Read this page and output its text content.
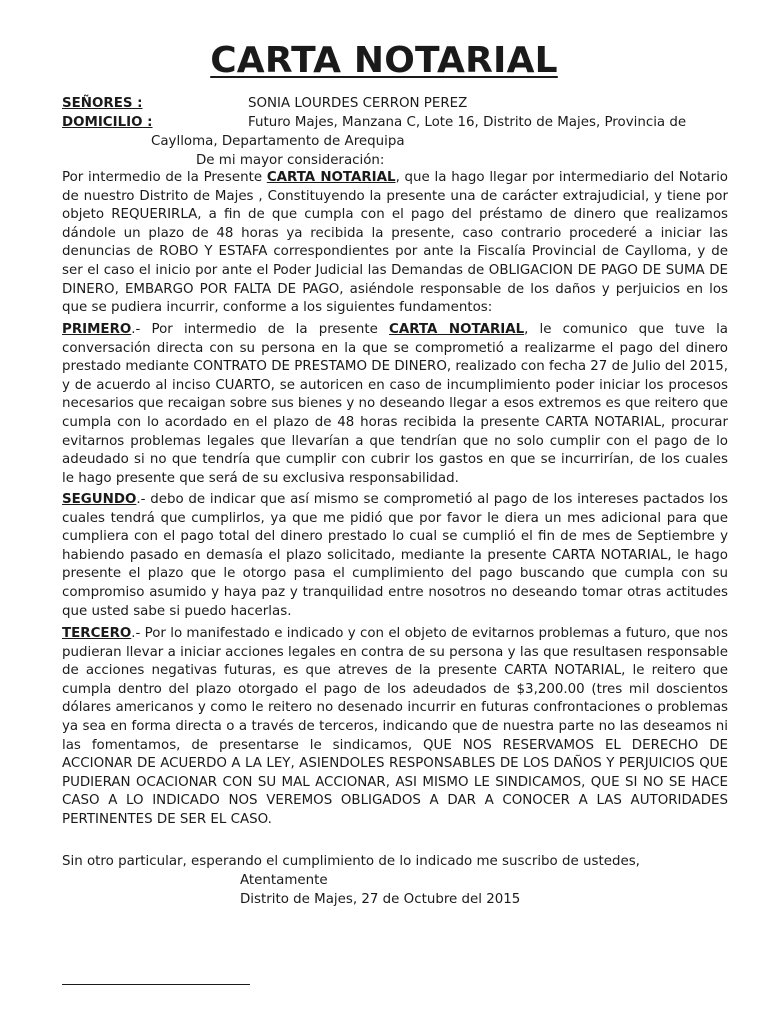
CARTA NOTARIAL
SEÑORES :	SONIA LOURDES CERRON PEREZ
DOMICILIO :	Futuro Majes, Manzana C, Lote 16, Distrito de Majes, Provincia de
Caylloma, Departamento de Arequipa
De mi mayor consideración:
Por intermedio de la Presente CARTA NOTARIAL, que la hago llegar por intermediario del Notario de nuestro Distrito de Majes , Constituyendo la presente una de carácter extrajudicial, y tiene por objeto REQUERIRLA, a fin de que cumpla con el pago del préstamo de dinero que realizamos dándole un plazo de 48 horas ya recibida la presente, caso contrario procederé a iniciar las denuncias de ROBO Y ESTAFA correspondientes por ante la Fiscalía Provincial de Caylloma, y de ser el caso el inicio por ante el Poder Judicial las Demandas de OBLIGACION DE PAGO DE SUMA DE DINERO, EMBARGO POR FALTA DE PAGO, asiéndole responsable de los daños y perjuicios en los que se pudiera incurrir, conforme a los siguientes fundamentos:
PRIMERO.- Por intermedio de la presente CARTA NOTARIAL, le comunico que tuve la conversación directa con su persona en la que se comprometió a realizarme el pago del dinero prestado mediante CONTRATO DE PRESTAMO DE DINERO, realizado con fecha 27 de Julio del 2015, y de acuerdo al inciso CUARTO, se autoricen en caso de incumplimiento poder iniciar los procesos necesarios que recaigan sobre sus bienes y no deseando llegar a esos extremos es que reitero que cumpla con lo acordado en el plazo de 48 horas recibida la presente CARTA NOTARIAL, procurar evitarnos problemas legales que llevarían a que tendrían que no solo cumplir con el pago de lo adeudado si no que tendría que cumplir con cubrir los gastos en que se incurrirían, de los cuales le hago presente que será de su exclusiva responsabilidad.
SEGUNDO.- debo de indicar que así mismo se comprometió al pago de los intereses pactados los cuales tendrá que cumplirlos, ya que me pidió que por favor le diera un mes adicional para que cumpliera con el pago total del dinero prestado lo cual se cumplió el fin de mes de Septiembre y habiendo pasado en demasía el plazo solicitado, mediante la presente CARTA NOTARIAL, le hago presente el plazo que le otorgo pasa el cumplimiento del pago buscando que cumpla con su compromiso asumido y haya paz y tranquilidad entre nosotros no deseando tomar otras actitudes que usted sabe si puedo hacerlas.
TERCERO.- Por lo manifestado e indicado y con el objeto de evitarnos problemas a futuro, que nos pudieran llevar a iniciar acciones legales en contra de su persona y las que resultasen responsable de acciones negativas futuras, es que atreves de la presente CARTA NOTARIAL, le reitero que cumpla dentro del plazo otorgado el pago de los adeudados de $3,200.00 (tres mil doscientos dólares americanos y como le reitero no desenado incurrir en futuras confrontaciones o problemas ya sea en forma directa o a través de terceros, indicando que de nuestra parte no las deseamos ni las fomentamos, de presentarse le sindicamos, QUE NOS RESERVAMOS EL DERECHO DE ACCIONAR DE ACUERDO A LA LEY, ASIENDOLES RESPONSABLES DE LOS DAÑOS Y PERJUICIOS QUE PUDIERAN OCACIONAR CON SU MAL ACCIONAR, ASI MISMO LE SINDICAMOS, QUE SI NO SE HACE CASO A LO INDICADO NOS VEREMOS OBLIGADOS A DAR A CONOCER A LAS AUTORIDADES PERTINENTES DE SER EL CASO.
Sin otro particular, esperando el cumplimiento de lo indicado me suscribo de ustedes,
Atentamente
Distrito de Majes, 27 de Octubre del 2015
